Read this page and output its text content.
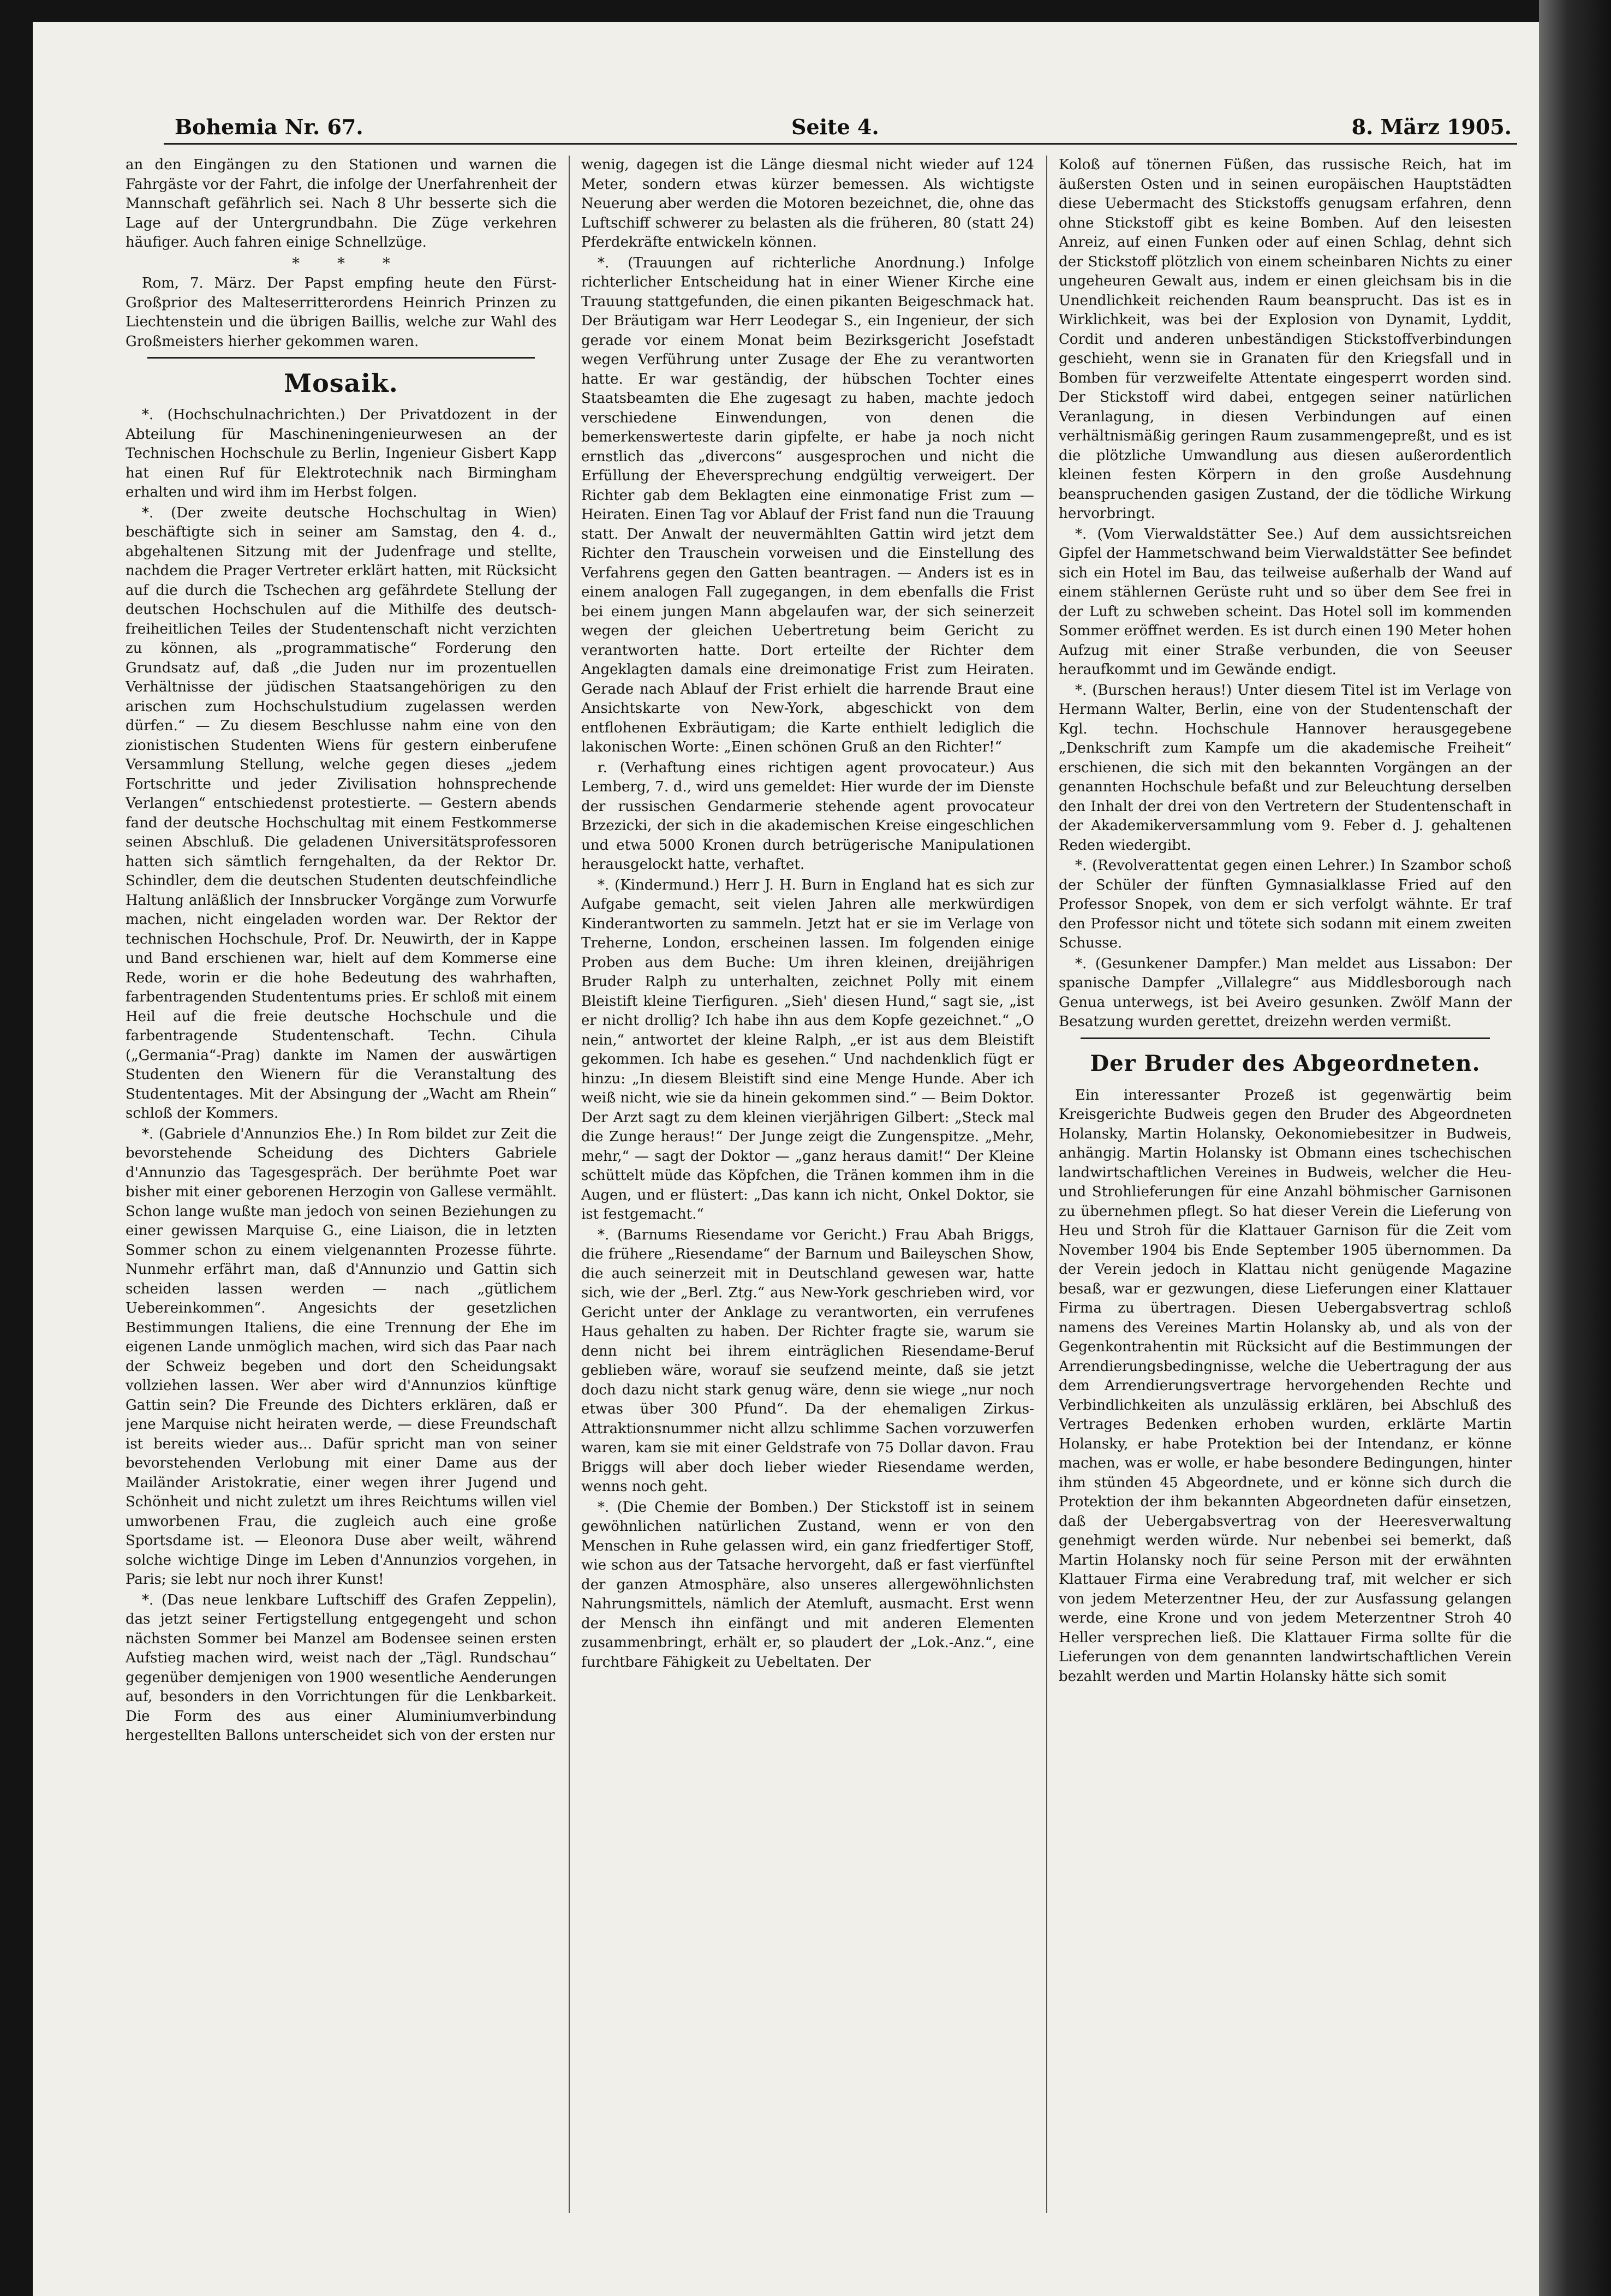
Bohemia Nr. 67.	Seite 4.	8. März 1905.

an den Eingängen zu den Stationen und warnen die Fahrgäste vor der Fahrt, die infolge der Unerfahrenheit der Mannschaft gefährlich sei. Nach 8 Uhr besserte sich die Lage auf der Untergrundbahn. Die Züge verkehren häufiger. Auch fahren einige Schnellzüge.

* * *

Rom, 7. März. Der Papst empfing heute den Fürst-Großprior des Malteserritterordens Heinrich Prinzen zu Liechtenstein und die übrigen Baillis, welche zur Wahl des Großmeisters hierher gekommen waren.

Mosaik.

*. (Hochschulnachrichten.) Der Privatdozent in der Abteilung für Maschineningenieurwesen an der Technischen Hochschule zu Berlin, Ingenieur Gisbert Kapp hat einen Ruf für Elektrotechnik nach Birmingham erhalten und wird ihm im Herbst folgen.

*. (Der zweite deutsche Hochschultag in Wien) beschäftigte sich in seiner am Samstag, den 4. d., abgehaltenen Sitzung mit der Judenfrage und stellte, nachdem die Prager Vertreter erklärt hatten, mit Rücksicht auf die durch die Tschechen arg gefährdete Stellung der deutschen Hochschulen auf die Mithilfe des deutsch-freiheitlichen Teiles der Studentenschaft nicht verzichten zu können, als „programmatische“ Forderung den Grundsatz auf, daß „die Juden nur im prozentuellen Verhältnisse der jüdischen Staatsangehörigen zu den arischen zum Hochschulstudium zugelassen werden dürfen.“ — Zu diesem Beschlusse nahm eine von den zionistischen Studenten Wiens für gestern einberufene Versammlung Stellung, welche gegen dieses „jedem Fortschritte und jeder Zivilisation hohnsprechende Verlangen“ entschiedenst protestierte. — Gestern abends fand der deutsche Hochschultag mit einem Festkommerse seinen Abschluß. Die geladenen Universitätsprofessoren hatten sich sämtlich ferngehalten, da der Rektor Dr. Schindler, dem die deutschen Studenten deutschfeindliche Haltung anläßlich der Innsbrucker Vorgänge zum Vorwurfe machen, nicht eingeladen worden war. Der Rektor der technischen Hochschule, Prof. Dr. Neuwirth, der in Kappe und Band erschienen war, hielt auf dem Kommerse eine Rede, worin er die hohe Bedeutung des wahrhaften, farbentragenden Studententums pries. Er schloß mit einem Heil auf die freie deutsche Hochschule und die farbentragende Studentenschaft. Techn. Cihula („Germania“-Prag) dankte im Namen der auswärtigen Studenten den Wienern für die Veranstaltung des Studententages. Mit der Absingung der „Wacht am Rhein“ schloß der Kommers.

*. (Gabriele d'Annunzios Ehe.) In Rom bildet zur Zeit die bevorstehende Scheidung des Dichters Gabriele d'Annunzio das Tagesgespräch. Der berühmte Poet war bisher mit einer geborenen Herzogin von Gallese vermählt. Schon lange wußte man jedoch von seinen Beziehungen zu einer gewissen Marquise G., eine Liaison, die in letzten Sommer schon zu einem vielgenannten Prozesse führte. Nunmehr erfährt man, daß d'Annunzio und Gattin sich scheiden lassen werden — nach „gütlichem Uebereinkommen“. Angesichts der gesetzlichen Bestimmungen Italiens, die eine Trennung der Ehe im eigenen Lande unmöglich machen, wird sich das Paar nach der Schweiz begeben und dort den Scheidungsakt vollziehen lassen. Wer aber wird d'Annunzios künftige Gattin sein? Die Freunde des Dichters erklären, daß er jene Marquise nicht heiraten werde, — diese Freundschaft ist bereits wieder aus... Dafür spricht man von seiner bevorstehenden Verlobung mit einer Dame aus der Mailänder Aristokratie, einer wegen ihrer Jugend und Schönheit und nicht zuletzt um ihres Reichtums willen viel umworbenen Frau, die zugleich auch eine große Sportsdame ist. — Eleonora Duse aber weilt, während solche wichtige Dinge im Leben d'Annunzios vorgehen, in Paris; sie lebt nur noch ihrer Kunst!

*. (Das neue lenkbare Luftschiff des Grafen Zeppelin), das jetzt seiner Fertigstellung entgegengeht und schon nächsten Sommer bei Manzel am Bodensee seinen ersten Aufstieg machen wird, weist nach der „Tägl. Rundschau“ gegenüber demjenigen von 1900 wesentliche Aenderungen auf, besonders in den Vorrichtungen für die Lenkbarkeit. Die Form des aus einer Aluminiumverbindung hergestellten Ballons unterscheidet sich von der ersten nur

wenig, dagegen ist die Länge diesmal nicht wieder auf 124 Meter, sondern etwas kürzer bemessen. Als wichtigste Neuerung aber werden die Motoren bezeichnet, die, ohne das Luftschiff schwerer zu belasten als die früheren, 80 (statt 24) Pferdekräfte entwickeln können.

*. (Trauungen auf richterliche Anordnung.) Infolge richterlicher Entscheidung hat in einer Wiener Kirche eine Trauung stattgefunden, die einen pikanten Beigeschmack hat. Der Bräutigam war Herr Leodegar S., ein Ingenieur, der sich gerade vor einem Monat beim Bezirksgericht Josefstadt wegen Verführung unter Zusage der Ehe zu verantworten hatte. Er war geständig, der hübschen Tochter eines Staatsbeamten die Ehe zugesagt zu haben, machte jedoch verschiedene Einwendungen, von denen die bemerkenswerteste darin gipfelte, er habe ja noch nicht ernstlich das „divercons“ ausgesprochen und nicht die Erfüllung der Eheversprechung endgültig verweigert. Der Richter gab dem Beklagten eine einmonatige Frist zum — Heiraten. Einen Tag vor Ablauf der Frist fand nun die Trauung statt. Der Anwalt der neuvermählten Gattin wird jetzt dem Richter den Trauschein vorweisen und die Einstellung des Verfahrens gegen den Gatten beantragen. — Anders ist es in einem analogen Fall zugegangen, in dem ebenfalls die Frist bei einem jungen Mann abgelaufen war, der sich seinerzeit wegen der gleichen Uebertretung beim Gericht zu verantworten hatte. Dort erteilte der Richter dem Angeklagten damals eine dreimonatige Frist zum Heiraten. Gerade nach Ablauf der Frist erhielt die harrende Braut eine Ansichtskarte von New-York, abgeschickt von dem entflohenen Exbräutigam; die Karte enthielt lediglich die lakonischen Worte: „Einen schönen Gruß an den Richter!“

r. (Verhaftung eines richtigen agent provocateur.) Aus Lemberg, 7. d., wird uns gemeldet: Hier wurde der im Dienste der russischen Gendarmerie stehende agent provocateur Brzezicki, der sich in die akademischen Kreise eingeschlichen und etwa 5000 Kronen durch betrügerische Manipulationen herausgelockt hatte, verhaftet.

*. (Kindermund.) Herr J. H. Burn in England hat es sich zur Aufgabe gemacht, seit vielen Jahren alle merkwürdigen Kinderantworten zu sammeln. Jetzt hat er sie im Verlage von Treherne, London, erscheinen lassen. Im folgenden einige Proben aus dem Buche: Um ihren kleinen, dreijährigen Bruder Ralph zu unterhalten, zeichnet Polly mit einem Bleistift kleine Tierfiguren. „Sieh' diesen Hund,“ sagt sie, „ist er nicht drollig? Ich habe ihn aus dem Kopfe gezeichnet.“ „O nein,“ antwortet der kleine Ralph, „er ist aus dem Bleistift gekommen. Ich habe es gesehen.“ Und nachdenklich fügt er hinzu: „In diesem Bleistift sind eine Menge Hunde. Aber ich weiß nicht, wie sie da hinein gekommen sind.“ — Beim Doktor. Der Arzt sagt zu dem kleinen vierjährigen Gilbert: „Steck mal die Zunge heraus!“ Der Junge zeigt die Zungenspitze. „Mehr, mehr,“ — sagt der Doktor — „ganz heraus damit!“ Der Kleine schüttelt müde das Köpfchen, die Tränen kommen ihm in die Augen, und er flüstert: „Das kann ich nicht, Onkel Doktor, sie ist festgemacht.“

*. (Barnums Riesendame vor Gericht.) Frau Abah Briggs, die frühere „Riesendame“ der Barnum und Baileyschen Show, die auch seinerzeit mit in Deutschland gewesen war, hatte sich, wie der „Berl. Ztg.“ aus New-York geschrieben wird, vor Gericht unter der Anklage zu verantworten, ein verrufenes Haus gehalten zu haben. Der Richter fragte sie, warum sie denn nicht bei ihrem einträglichen Riesendame-Beruf geblieben wäre, worauf sie seufzend meinte, daß sie jetzt doch dazu nicht stark genug wäre, denn sie wiege „nur noch etwas über 300 Pfund“. Da der ehemaligen Zirkus-Attraktionsnummer nicht allzu schlimme Sachen vorzuwerfen waren, kam sie mit einer Geldstrafe von 75 Dollar davon. Frau Briggs will aber doch lieber wieder Riesendame werden, wenns noch geht.

*. (Die Chemie der Bomben.) Der Stickstoff ist in seinem gewöhnlichen natürlichen Zustand, wenn er von den Menschen in Ruhe gelassen wird, ein ganz friedfertiger Stoff, wie schon aus der Tatsache hervorgeht, daß er fast vierfünftel der ganzen Atmosphäre, also unseres allergewöhnlichsten Nahrungsmittels, nämlich der Atemluft, ausmacht. Erst wenn der Mensch ihn einfängt und mit anderen Elementen zusammenbringt, erhält er, so plaudert der „Lok.-Anz.“, eine furchtbare Fähigkeit zu Uebeltaten. Der

Koloß auf tönernen Füßen, das russische Reich, hat im äußersten Osten und in seinen europäischen Hauptstädten diese Uebermacht des Stickstoffs genugsam erfahren, denn ohne Stickstoff gibt es keine Bomben. Auf den leisesten Anreiz, auf einen Funken oder auf einen Schlag, dehnt sich der Stickstoff plötzlich von einem scheinbaren Nichts zu einer ungeheuren Gewalt aus, indem er einen gleichsam bis in die Unendlichkeit reichenden Raum beansprucht. Das ist es in Wirklichkeit, was bei der Explosion von Dynamit, Lyddit, Cordit und anderen unbeständigen Stickstoffverbindungen geschieht, wenn sie in Granaten für den Kriegsfall und in Bomben für verzweifelte Attentate eingesperrt worden sind. Der Stickstoff wird dabei, entgegen seiner natürlichen Veranlagung, in diesen Verbindungen auf einen verhältnismäßig geringen Raum zusammengepreßt, und es ist die plötzliche Umwandlung aus diesen außerordentlich kleinen festen Körpern in den große Ausdehnung beanspruchenden gasigen Zustand, der die tödliche Wirkung hervorbringt.

*. (Vom Vierwaldstätter See.) Auf dem aussichtsreichen Gipfel der Hammetschwand beim Vierwaldstätter See befindet sich ein Hotel im Bau, das teilweise außerhalb der Wand auf einem stählernen Gerüste ruht und so über dem See frei in der Luft zu schweben scheint. Das Hotel soll im kommenden Sommer eröffnet werden. Es ist durch einen 190 Meter hohen Aufzug mit einer Straße verbunden, die von Seeuser heraufkommt und im Gewände endigt.

*. (Burschen heraus!) Unter diesem Titel ist im Verlage von Hermann Walter, Berlin, eine von der Studentenschaft der Kgl. techn. Hochschule Hannover herausgegebene „Denkschrift zum Kampfe um die akademische Freiheit“ erschienen, die sich mit den bekannten Vorgängen an der genannten Hochschule befaßt und zur Beleuchtung derselben den Inhalt der drei von den Vertretern der Studentenschaft in der Akademikerversammlung vom 9. Feber d. J. gehaltenen Reden wiedergibt.

*. (Revolverattentat gegen einen Lehrer.) In Szambor schoß der Schüler der fünften Gymnasialklasse Fried auf den Professor Snopek, von dem er sich verfolgt wähnte. Er traf den Professor nicht und tötete sich sodann mit einem zweiten Schusse.

*. (Gesunkener Dampfer.) Man meldet aus Lissabon: Der spanische Dampfer „Villalegre“ aus Middlesborough nach Genua unterwegs, ist bei Aveiro gesunken. Zwölf Mann der Besatzung wurden gerettet, dreizehn werden vermißt.

Der Bruder des Abgeordneten.

Ein interessanter Prozeß ist gegenwärtig beim Kreisgerichte Budweis gegen den Bruder des Abgeordneten Holansky, Martin Holansky, Oekonomiebesitzer in Budweis, anhängig. Martin Holansky ist Obmann eines tschechischen landwirtschaftlichen Vereines in Budweis, welcher die Heu- und Strohlieferungen für eine Anzahl böhmischer Garnisonen zu übernehmen pflegt. So hat dieser Verein die Lieferung von Heu und Stroh für die Klattauer Garnison für die Zeit vom November 1904 bis Ende September 1905 übernommen. Da der Verein jedoch in Klattau nicht genügende Magazine besaß, war er gezwungen, diese Lieferungen einer Klattauer Firma zu übertragen. Diesen Uebergabsvertrag schloß namens des Vereines Martin Holansky ab, und als von der Gegenkontrahentin mit Rücksicht auf die Bestimmungen der Arrendierungsbedingnisse, welche die Uebertragung der aus dem Arrendierungsvertrage hervorgehenden Rechte und Verbindlichkeiten als unzulässig erklären, bei Abschluß des Vertrages Bedenken erhoben wurden, erklärte Martin Holansky, er habe Protektion bei der Intendanz, er könne machen, was er wolle, er habe besondere Bedingungen, hinter ihm stünden 45 Abgeordnete, und er könne sich durch die Protektion der ihm bekannten Abgeordneten dafür einsetzen, daß der Uebergabsvertrag von der Heeresverwaltung genehmigt werden würde. Nur nebenbei sei bemerkt, daß Martin Holansky noch für seine Person mit der erwähnten Klattauer Firma eine Verabredung traf, mit welcher er sich von jedem Meterzentner Heu, der zur Ausfassung gelangen werde, eine Krone und von jedem Meterzentner Stroh 40 Heller versprechen ließ. Die Klattauer Firma sollte für die Lieferungen von dem genannten landwirtschaftlichen Verein bezahlt werden und Martin Holansky hätte sich somit
